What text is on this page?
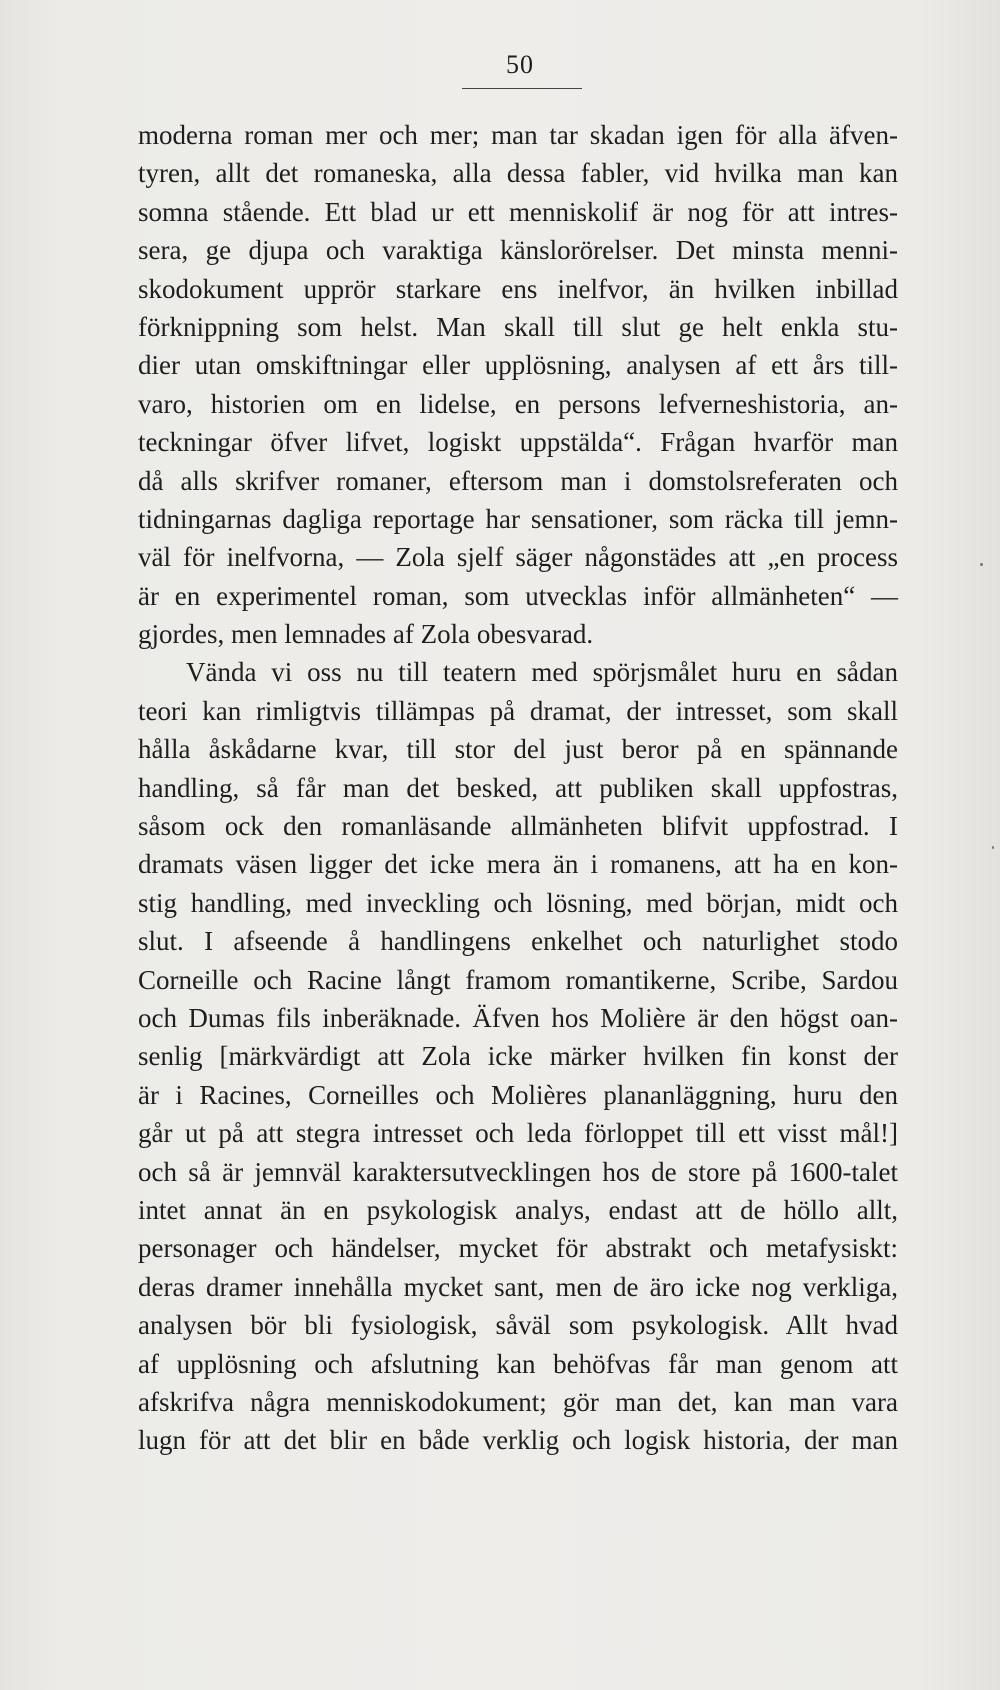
50
moderna roman mer och mer; man tar skadan igen för alla äfven-
tyren, allt det romaneska, alla dessa fabler, vid hvilka man kan
somna stående. Ett blad ur ett menniskolif är nog för att intres-
sera, ge djupa och varaktiga känslorörelser. Det minsta menni-
skodokument upprör starkare ens inelfvor, än hvilken inbillad
förknippning som helst. Man skall till slut ge helt enkla stu-
dier utan omskiftningar eller upplösning, analysen af ett års till-
varo, historien om en lidelse, en persons lefverneshistoria, an-
teckningar öfver lifvet, logiskt uppstälda“. Frågan hvarför man
då alls skrifver romaner, eftersom man i domstolsreferaten och
tidningarnas dagliga reportage har sensationer, som räcka till jemn-
väl för inelfvorna, — Zola sjelf säger någonstädes att „en process
är en experimentel roman, som utvecklas inför allmänheten“ —
gjordes, men lemnades af Zola obesvarad.
Vända vi oss nu till teatern med spörjsmålet huru en sådan
teori kan rimligtvis tillämpas på dramat, der intresset, som skall
hålla åskådarne kvar, till stor del just beror på en spännande
handling, så får man det besked, att publiken skall uppfostras,
såsom ock den romanläsande allmänheten blifvit uppfostrad. I
dramats väsen ligger det icke mera än i romanens, att ha en kon-
stig handling, med inveckling och lösning, med början, midt och
slut. I afseende å handlingens enkelhet och naturlighet stodo
Corneille och Racine långt framom romantikerne, Scribe, Sardou
och Dumas fils inberäknade. Äfven hos Molière är den högst oan-
senlig [märkvärdigt att Zola icke märker hvilken fin konst der
är i Racines, Corneilles och Molières plananläggning, huru den
går ut på att stegra intresset och leda förloppet till ett visst mål!]
och så är jemnväl karaktersutvecklingen hos de store på 1600-talet
intet annat än en psykologisk analys, endast att de höllo allt,
personager och händelser, mycket för abstrakt och metafysiskt:
deras dramer innehålla mycket sant, men de äro icke nog verkliga,
analysen bör bli fysiologisk, såväl som psykologisk. Allt hvad
af upplösning och afslutning kan behöfvas får man genom att
afskrifva några menniskodokument; gör man det, kan man vara
lugn för att det blir en både verklig och logisk historia, der man
